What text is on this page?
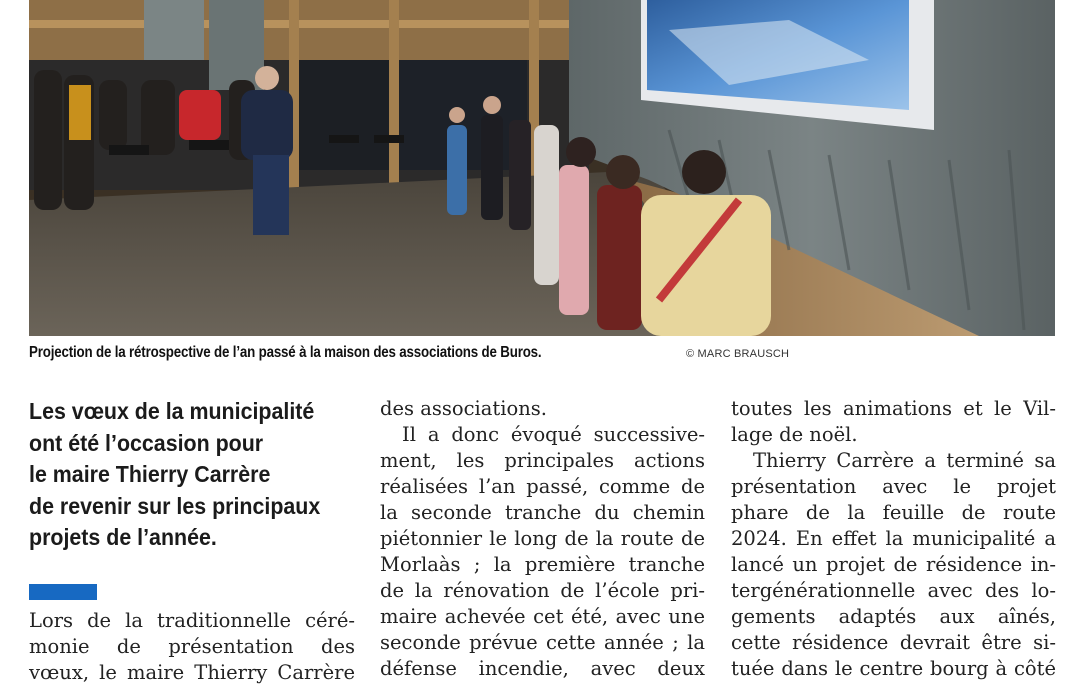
Projection de la rétrospective de l’an passé à la maison des associations de Buros.	© MARC BRAUSCH

Les vœux de la municipalité
ont été l’occasion pour
le maire Thierry Carrère
de revenir sur les principaux
projets de l’année.

Lors de la traditionnelle céré-
monie de présentation des
vœux, le maire Thierry Carrère

des associations.
Il a donc évoqué successive-
ment, les principales actions
réalisées l’an passé, comme de
la seconde tranche du chemin
piétonnier le long de la route de
Morlaàs ; la première tranche
de la rénovation de l’école pri-
maire achevée cet été, avec une
seconde prévue cette année ; la
défense incendie, avec deux

toutes les animations et le Vil-
lage de noël.
Thierry Carrère a terminé sa
présentation avec le projet
phare de la feuille de route
2024. En effet la municipalité a
lancé un projet de résidence in-
tergénérationnelle avec des lo-
gements adaptés aux aînés,
cette résidence devrait être si-
tuée dans le centre bourg à côté
